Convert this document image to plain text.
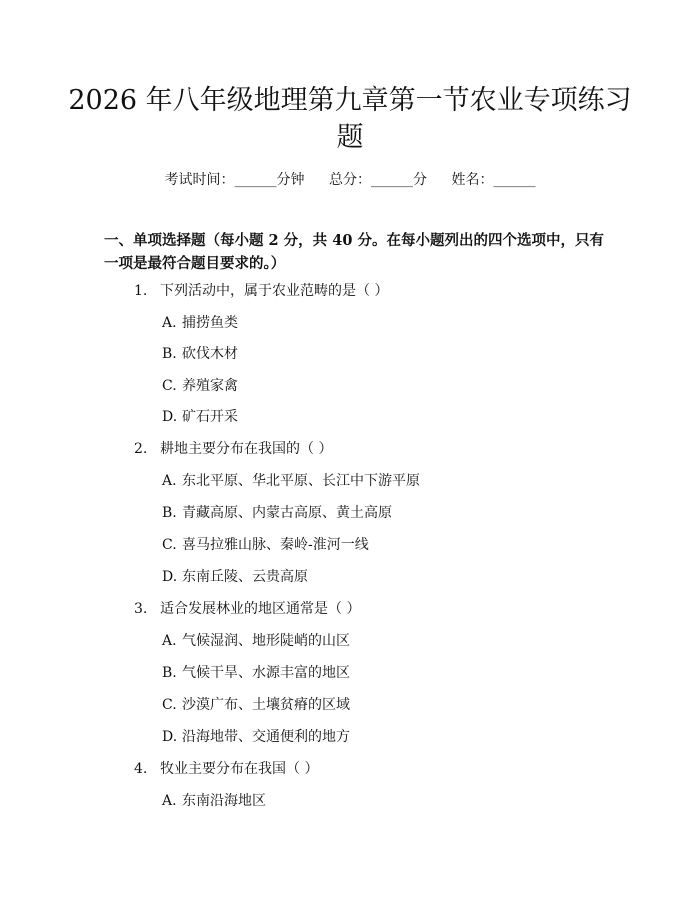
2026 年八年级地理第九章第一节农业专项练习题
考试时间：______分钟 总分：______分 姓名：______
一、单项选择题（每小题 2 分，共 40 分。在每小题列出的四个选项中，只有一项是最符合题目要求的。）
1. 下列活动中，属于农业范畴的是（ ）
A. 捕捞鱼类
B. 砍伐木材
C. 养殖家禽
D. 矿石开采
2. 耕地主要分布在我国的（ ）
A. 东北平原、华北平原、长江中下游平原
B. 青藏高原、内蒙古高原、黄土高原
C. 喜马拉雅山脉、秦岭-淮河一线
D. 东南丘陵、云贵高原
3. 适合发展林业的地区通常是（ ）
A. 气候湿润、地形陡峭的山区
B. 气候干旱、水源丰富的地区
C. 沙漠广布、土壤贫瘠的区域
D. 沿海地带、交通便利的地方
4. 牧业主要分布在我国（ ）
A. 东南沿海地区
